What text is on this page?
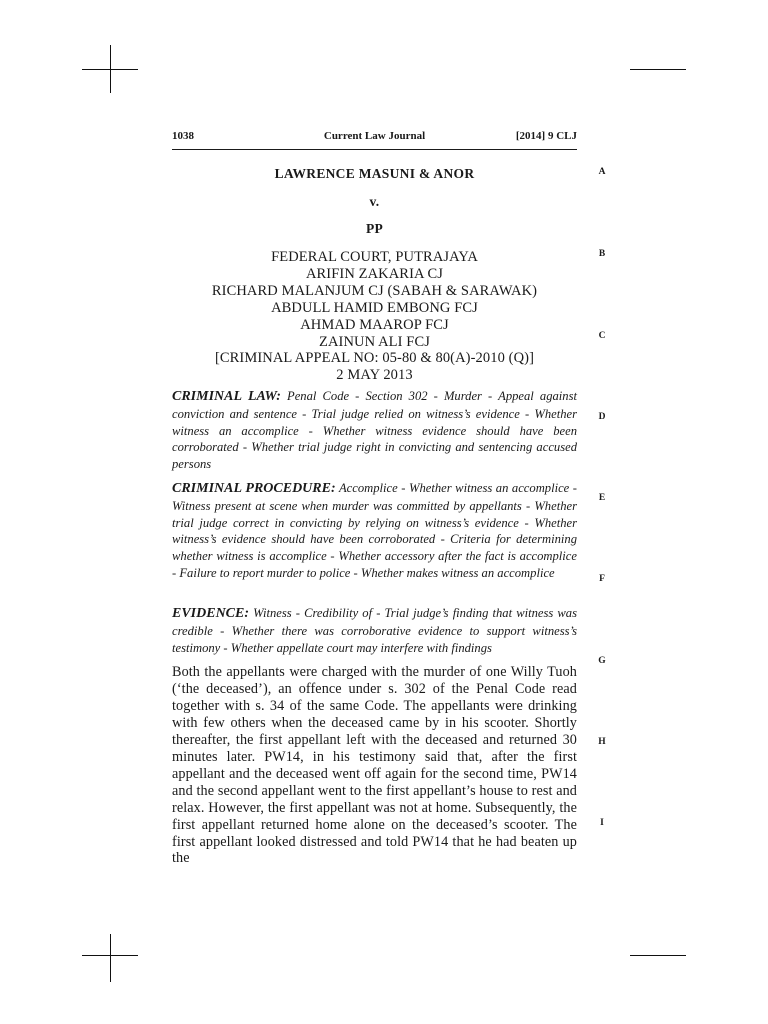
1038	Current Law Journal	[2014] 9 CLJ
LAWRENCE MASUNI & ANOR
v.
PP
FEDERAL COURT, PUTRAJAYA
ARIFIN ZAKARIA CJ
RICHARD MALANJUM CJ (SABAH & SARAWAK)
ABDULL HAMID EMBONG FCJ
AHMAD MAAROP FCJ
ZAINUN ALI FCJ
[CRIMINAL APPEAL NO: 05-80 & 80(A)-2010 (Q)]
2 MAY 2013
CRIMINAL LAW: Penal Code - Section 302 - Murder - Appeal against conviction and sentence - Trial judge relied on witness’s evidence - Whether witness an accomplice - Whether witness evidence should have been corroborated - Whether trial judge right in convicting and sentencing accused persons
CRIMINAL PROCEDURE: Accomplice - Whether witness an accomplice - Witness present at scene when murder was committed by appellants - Whether trial judge correct in convicting by relying on witness’s evidence - Whether witness’s evidence should have been corroborated - Criteria for determining whether witness is accomplice - Whether accessory after the fact is accomplice - Failure to report murder to police - Whether makes witness an accomplice
EVIDENCE: Witness - Credibility of - Trial judge’s finding that witness was credible - Whether there was corroborative evidence to support witness’s testimony - Whether appellate court may interfere with findings
Both the appellants were charged with the murder of one Willy Tuoh (‘the deceased’), an offence under s. 302 of the Penal Code read together with s. 34 of the same Code. The appellants were drinking with few others when the deceased came by in his scooter. Shortly thereafter, the first appellant left with the deceased and returned 30 minutes later. PW14, in his testimony said that, after the first appellant and the deceased went off again for the second time, PW14 and the second appellant went to the first appellant’s house to rest and relax. However, the first appellant was not at home. Subsequently, the first appellant returned home alone on the deceased’s scooter. The first appellant looked distressed and told PW14 that he had beaten up the
A
B
C
D
E
F
G
H
I
